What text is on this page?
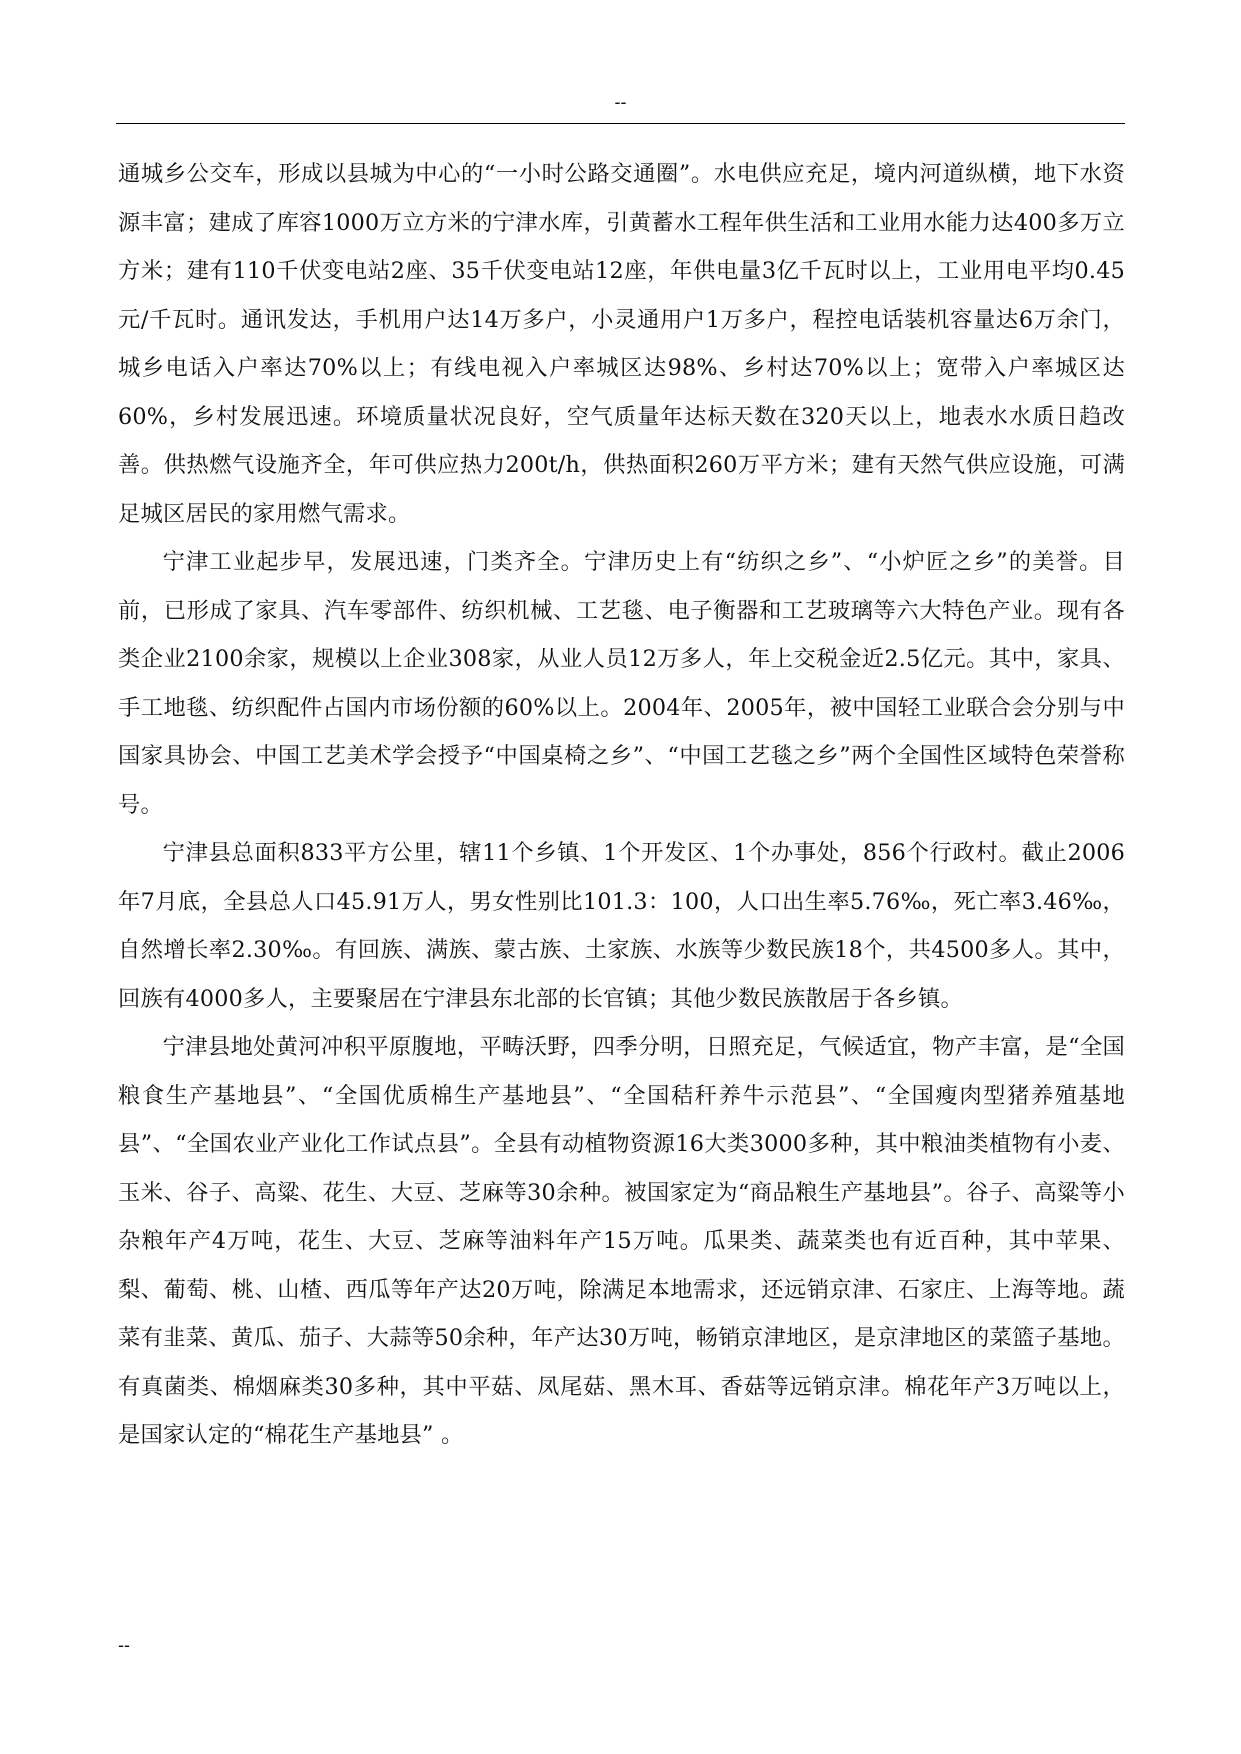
--

通城乡公交车，形成以县城为中心的“一小时公路交通圈”。水电供应充足，境内河道纵横，地下水资源丰富；建成了库容1000万立方米的宁津水库，引黄蓄水工程年供生活和工业用水能力达400多万立方米；建有110千伏变电站2座、35千伏变电站12座，年供电量3亿千瓦时以上，工业用电平均0.45元/千瓦时。通讯发达，手机用户达14万多户，小灵通用户1万多户，程控电话装机容量达6万余门，城乡电话入户率达70%以上；有线电视入户率城区达98%、乡村达70%以上；宽带入户率城区达60%，乡村发展迅速。环境质量状况良好，空气质量年达标天数在320天以上，地表水水质日趋改善。供热燃气设施齐全，年可供应热力200t/h，供热面积260万平方米；建有天然气供应设施，可满足城区居民的家用燃气需求。

宁津工业起步早，发展迅速，门类齐全。宁津历史上有“纺织之乡”、“小炉匠之乡”的美誉。目前，已形成了家具、汽车零部件、纺织机械、工艺毯、电子衡器和工艺玻璃等六大特色产业。现有各类企业2100余家，规模以上企业308家，从业人员12万多人，年上交税金近2.5亿元。其中，家具、手工地毯、纺织配件占国内市场份额的60%以上。2004年、2005年，被中国轻工业联合会分别与中国家具协会、中国工艺美术学会授予“中国桌椅之乡”、“中国工艺毯之乡”两个全国性区域特色荣誉称号。

宁津县总面积833平方公里，辖11个乡镇、1个开发区、1个办事处，856个行政村。截止2006年7月底，全县总人口45.91万人，男女性别比101.3：100，人口出生率5.76‰，死亡率3.46‰，自然增长率2.30‰。有回族、满族、蒙古族、土家族、水族等少数民族18个，共4500多人。其中，回族有4000多人，主要聚居在宁津县东北部的长官镇；其他少数民族散居于各乡镇。

宁津县地处黄河冲积平原腹地，平畴沃野，四季分明，日照充足，气候适宜，物产丰富，是“全国粮食生产基地县”、“全国优质棉生产基地县”、“全国秸秆养牛示范县”、“全国瘦肉型猪养殖基地县”、“全国农业产业化工作试点县”。全县有动植物资源16大类3000多种，其中粮油类植物有小麦、玉米、谷子、高粱、花生、大豆、芝麻等30余种。被国家定为“商品粮生产基地县”。谷子、高粱等小杂粮年产4万吨，花生、大豆、芝麻等油料年产15万吨。瓜果类、蔬菜类也有近百种，其中苹果、梨、葡萄、桃、山楂、西瓜等年产达20万吨，除满足本地需求，还远销京津、石家庄、上海等地。蔬菜有韭菜、黄瓜、茄子、大蒜等50余种，年产达30万吨，畅销京津地区，是京津地区的菜篮子基地。有真菌类、棉烟麻类30多种，其中平菇、凤尾菇、黑木耳、香菇等远销京津。棉花年产3万吨以上，是国家认定的“棉花生产基地县” 。

--
